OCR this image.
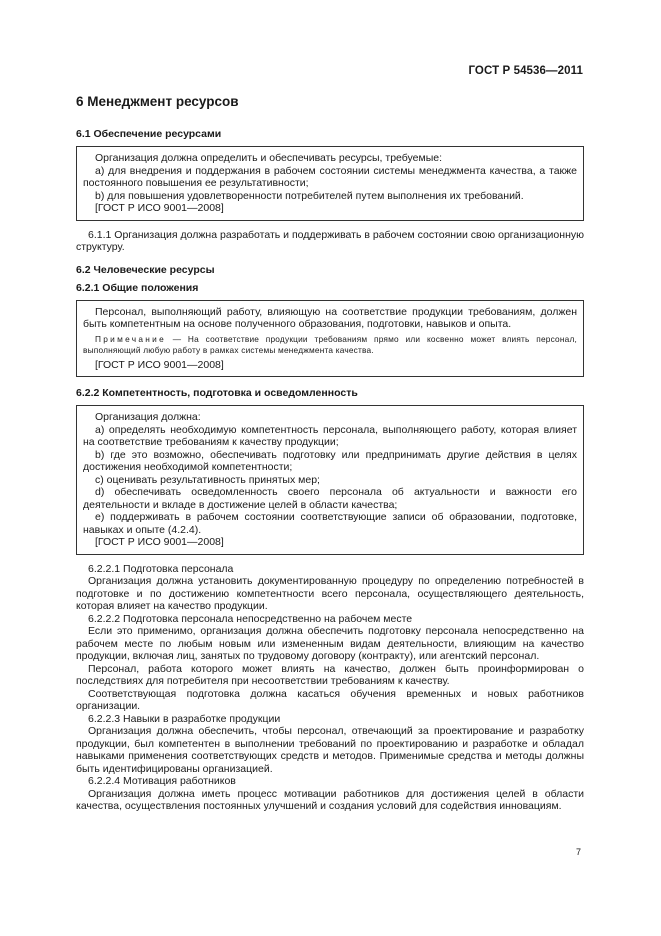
ГОСТ Р 54536—2011
6 Менеджмент ресурсов
6.1 Обеспечение ресурсами

Организация должна определить и обеспечивать ресурсы, требуемые:

a) для внедрения и поддержания в рабочем состоянии системы менеджмента качества, а также постоянного повышения ее результативности;

b) для повышения удовлетворенности потребителей путем выполнения их требований.

[ГОСТ Р ИСО 9001—2008]

6.1.1 Организация должна разработать и поддерживать в рабочем состоянии свою организационную структуру.

6.2 Человеческие ресурсы
6.2.1 Общие положения

Персонал, выполняющий работу, влияющую на соответствие продукции требованиям, должен быть компетентным на основе полученного образования, подготовки, навыков и опыта.

Примечание — На соответствие продукции требованиям прямо или косвенно может влиять персонал, выполняющий любую работу в рамках системы менеджмента качества.

[ГОСТ Р ИСО 9001—2008]

6.2.2 Компетентность, подготовка и осведомленность

Организация должна:

a) определять необходимую компетентность персонала, выполняющего работу, которая влияет на соответствие требованиям к качеству продукции;

b) где это возможно, обеспечивать подготовку или предпринимать другие действия в целях достижения необходимой компетентности;

c) оценивать результативность принятых мер;

d) обеспечивать осведомленность своего персонала об актуальности и важности его деятельности и вкладе в достижение целей в области качества;

e) поддерживать в рабочем состоянии соответствующие записи об образовании, подготовке, навыках и опыте (4.2.4).

[ГОСТ Р ИСО 9001—2008]

6.2.2.1 Подготовка персонала

Организация должна установить документированную процедуру по определению потребностей в подготовке и по достижению компетентности всего персонала, осуществляющего деятельность, которая влияет на качество продукции.

6.2.2.2 Подготовка персонала непосредственно на рабочем месте

Если это применимо, организация должна обеспечить подготовку персонала непосредственно на рабочем месте по любым новым или измененным видам деятельности, влияющим на качество продукции, включая лиц, занятых по трудовому договору (контракту), или агентский персонал.

Персонал, работа которого может влиять на качество, должен быть проинформирован о последствиях для потребителя при несоответствии требованиям к качеству.

Соответствующая подготовка должна касаться обучения временных и новых работников организации.

6.2.2.3 Навыки в разработке продукции

Организация должна обеспечить, чтобы персонал, отвечающий за проектирование и разработку продукции, был компетентен в выполнении требований по проектированию и разработке и обладал навыками применения соответствующих средств и методов. Применимые средства и методы должны быть идентифицированы организацией.

6.2.2.4 Мотивация работников

Организация должна иметь процесс мотивации работников для достижения целей в области качества, осуществления постоянных улучшений и создания условий для содействия инновациям.

7
